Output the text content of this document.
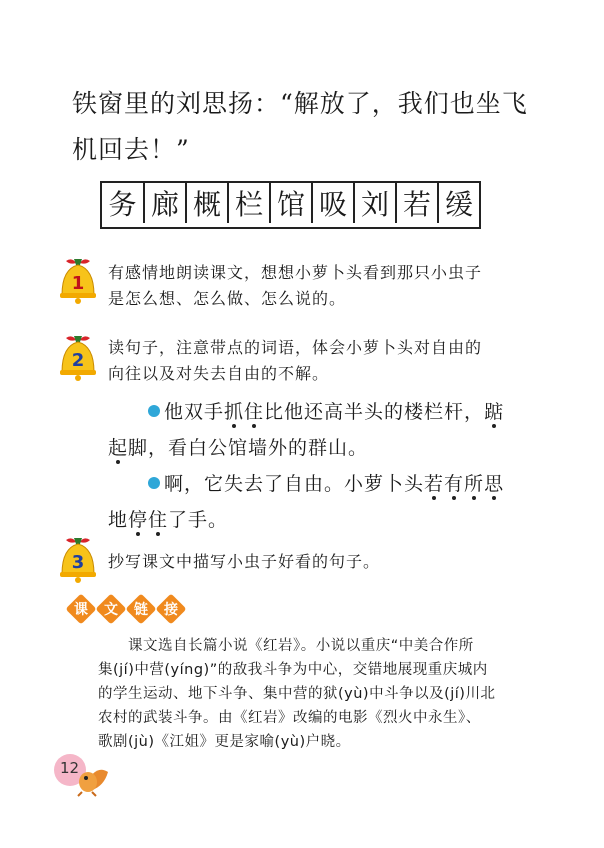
铁窗里的刘思扬：“解放了，我们也坐飞
机回去！”
务 廊 概 栏 馆 吸 刘 若 缓
1
有感情地朗读课文，想想小萝卜头看到那只小虫子
是怎么想、怎么做、怎么说的。
2
读句子，注意带点的词语，体会小萝卜头对自由的
向往以及对失去自由的不解。
他双手抓住比他还高半头的楼栏杆，踮
起脚，看白公馆墙外的群山。
啊，它失去了自由。小萝卜头若有所思
地停住了手。
3 抄写课文中描写小虫子好看的句子。
课 文 链 接
课文选自长篇小说《红岩》。小说以重庆“中美合作所
集(jí)中营(yíng)”的敌我斗争为中心，交错地展现重庆城内
的学生运动、地下斗争、集中营的狱(yù)中斗争以及(jí)川北
农村的武装斗争。由《红岩》改编的电影《烈火中永生》、
歌剧(jù)《江姐》更是家喻(yù)户晓。
12
